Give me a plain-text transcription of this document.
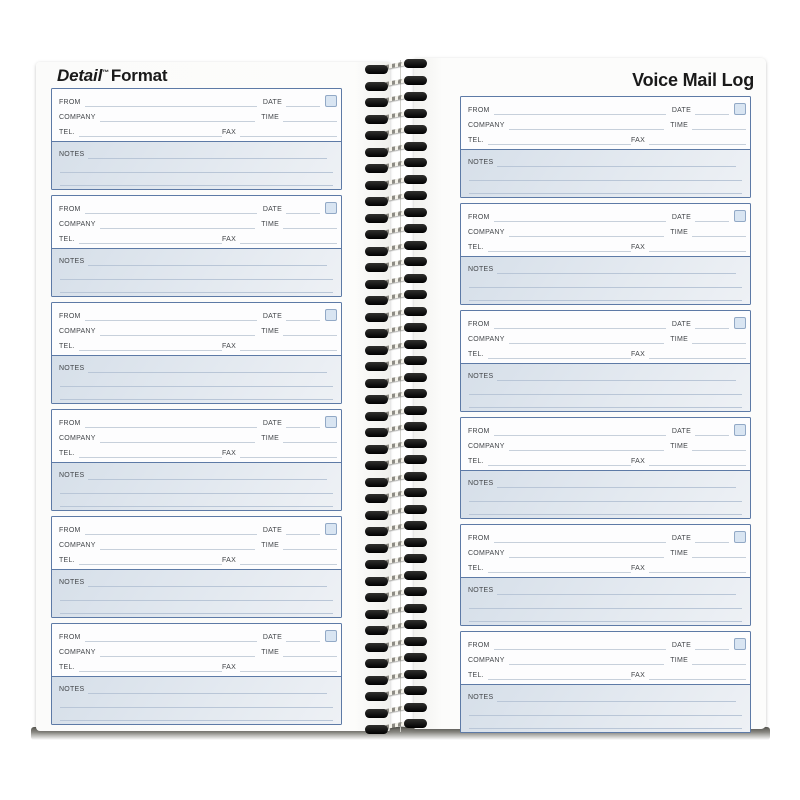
Detail™ Format
FROM	DATE
COMPANY	TIME
TEL.	FAX
NOTES
FROM	DATE
COMPANY	TIME
TEL.	FAX
NOTES
FROM	DATE
COMPANY	TIME
TEL.	FAX
NOTES
FROM	DATE
COMPANY	TIME
TEL.	FAX
NOTES
FROM	DATE
COMPANY	TIME
TEL.	FAX
NOTES
FROM	DATE
COMPANY	TIME
TEL.	FAX
NOTES
Voice Mail Log
FROM	DATE
COMPANY	TIME
TEL.	FAX
NOTES
FROM	DATE
COMPANY	TIME
TEL.	FAX
NOTES
FROM	DATE
COMPANY	TIME
TEL.	FAX
NOTES
FROM	DATE
COMPANY	TIME
TEL.	FAX
NOTES
FROM	DATE
COMPANY	TIME
TEL.	FAX
NOTES
FROM	DATE
COMPANY	TIME
TEL.	FAX
NOTES
